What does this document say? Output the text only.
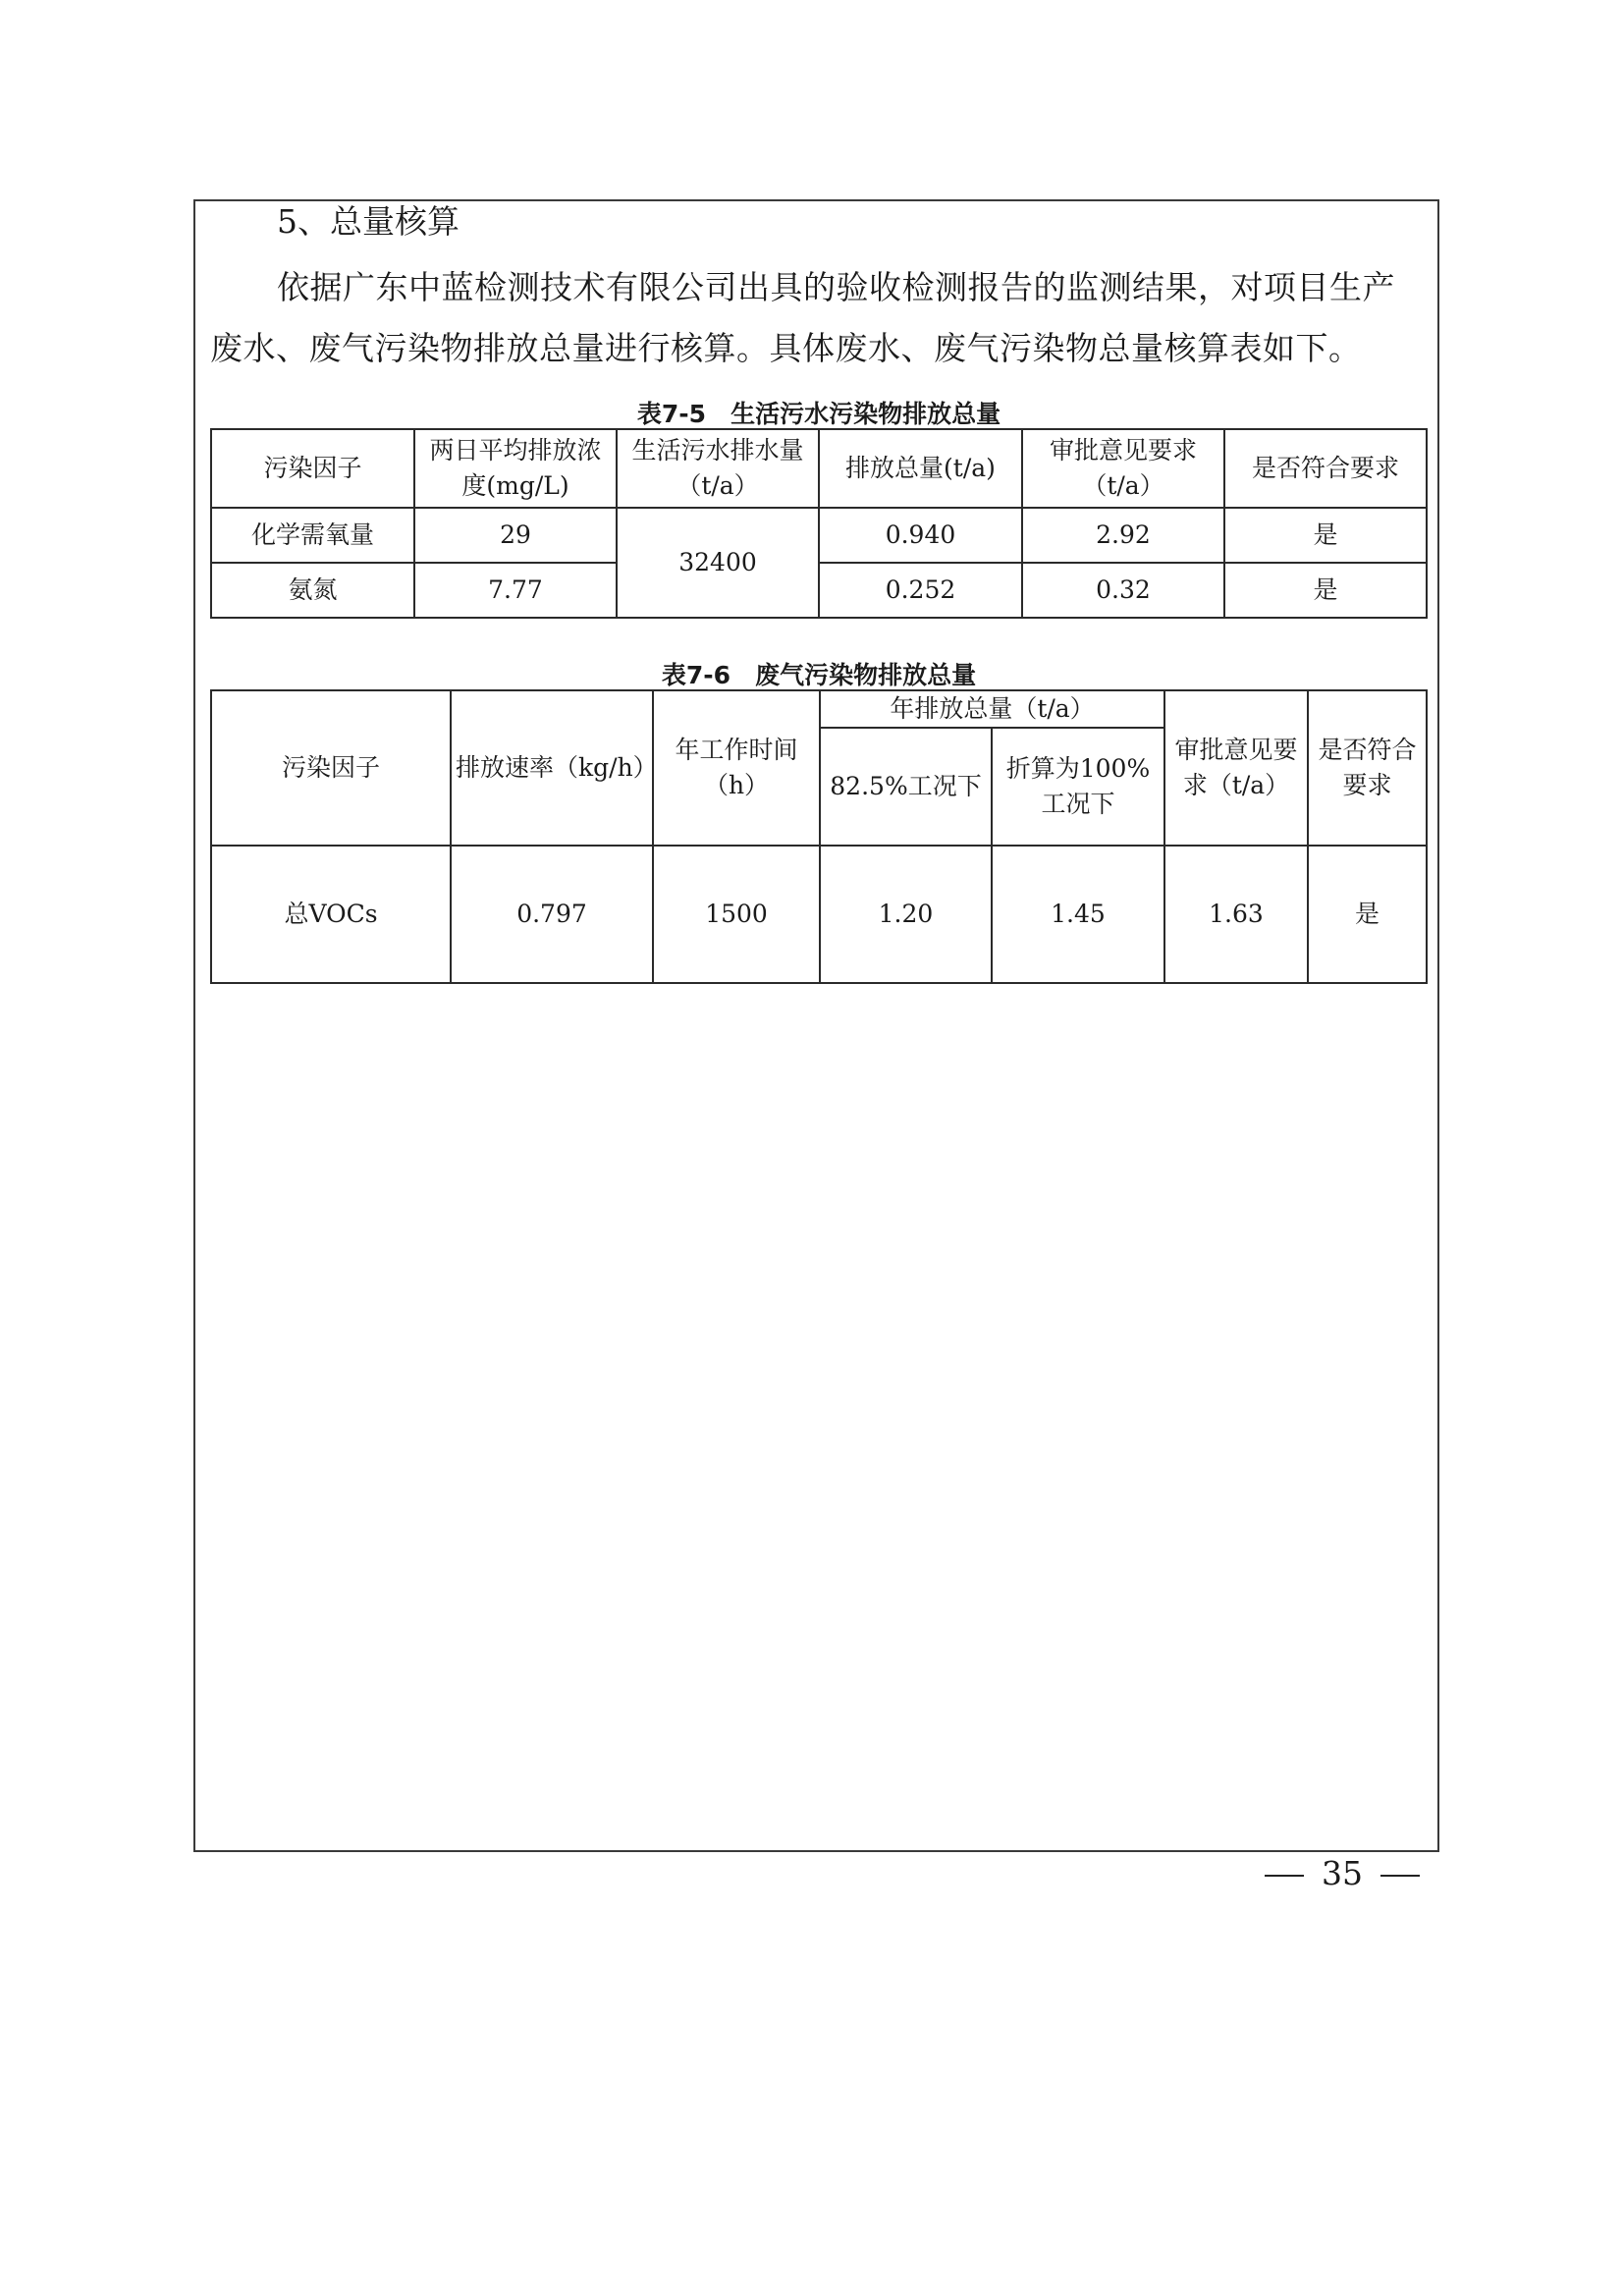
5、总量核算
依据广东中蓝检测技术有限公司出具的验收检测报告的监测结果，对项目生产废水、废气污染物排放总量进行核算。具体废水、废气污染物总量核算表如下。
表7-5　生活污水污染物排放总量
污染因子	两日平均排放浓度(mg/L)	生活污水排水量（t/a）	排放总量(t/a)	审批意见要求（t/a）	是否符合要求
化学需氧量	29	32400	0.940	2.92	是
氨氮	7.77		0.252	0.32	是
表7-6　废气污染物排放总量
污染因子	排放速率（kg/h）	年工作时间（h）	年排放总量（t/a）		审批意见要求（t/a）	是否符合要求
			82.5%工况下	折算为100%工况下		
总VOCs	0.797	1500	1.20	1.45	1.63	是
35
